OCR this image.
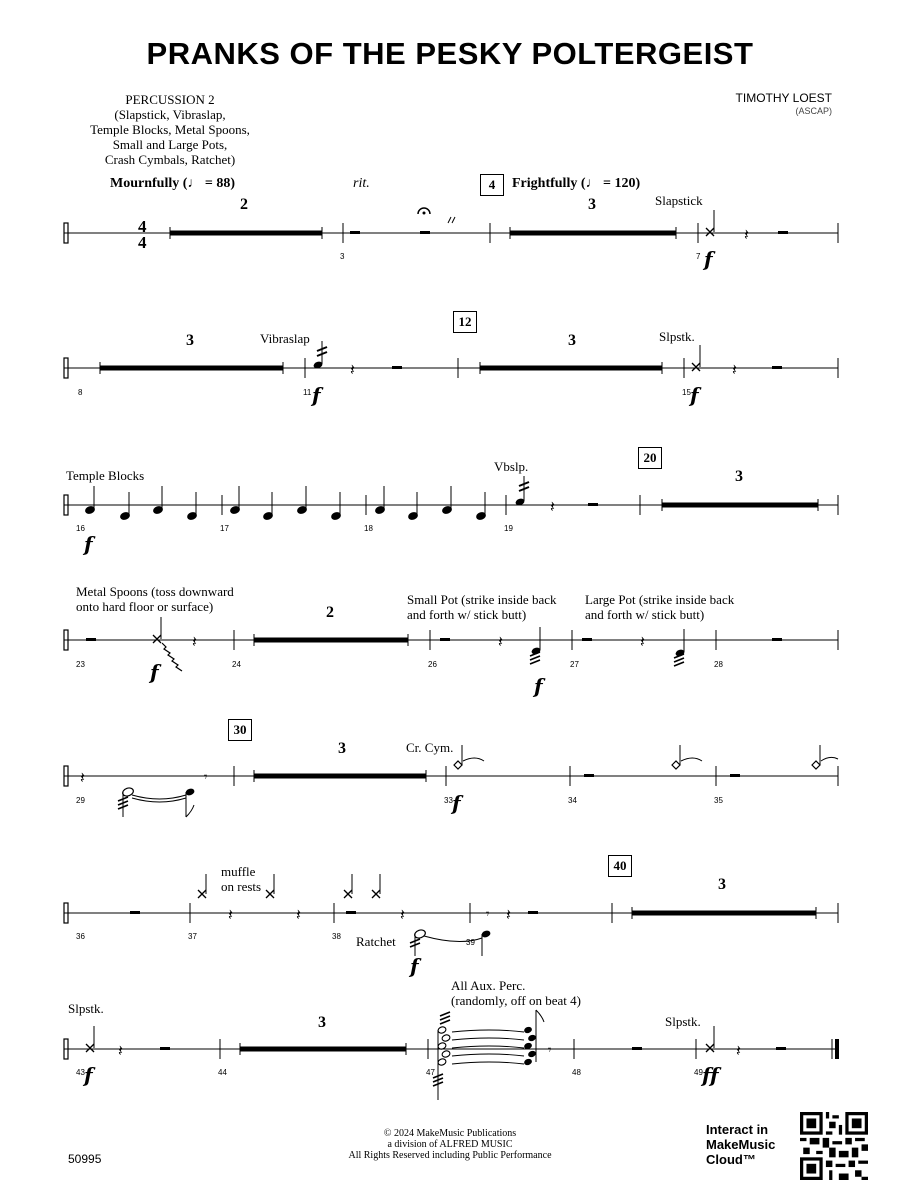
PRANKS OF THE PESKY POLTERGEIST
PERCUSSION 2
(Slapstick, Vibraslap,
Temple Blocks, Metal Spoons,
Small and Large Pots,
Crash Cymbals, Ratchet)
TIMOTHY LOEST
(ASCAP)
Mournfully (♩ = 88)	rit.	4	Frightfully (♩ = 120)
2	3	Slapstick
4
4	𝄽
3	7 f
12
3	3
Vibraslap	Slpstk.
𝄽	𝄽
8	11 f	15 f
20
Temple Blocks
Vbslp.
3
𝄽
16
f
17	18	19
Metal Spoons (toss downward
onto hard floor or surface)	2
Small Pot (strike inside back
and forth w/ stick butt)
Large Pot (strike inside back
and forth w/ stick butt)
𝄽	𝄽	𝄽
23	f	24	26
f
27	28
30
3	Cr. Cym.
𝄽	𝄾
29	33 f	34	35
40
muffle
on rests	3
Ratchet
𝄽	𝄽	𝄽	𝄾 𝄽
36	37	38
f
39
Slpstk.
3
All Aux. Perc.
(randomly, off on beat 4)
Slpstk.
𝄽	𝄾	𝄽
43 f	44	47	48	49 ff
© 2024 MakeMusic Publications
a division of ALFRED MUSIC
All Rights Reserved including Public Performance
50995
Interact in
MakeMusic
Cloud™
